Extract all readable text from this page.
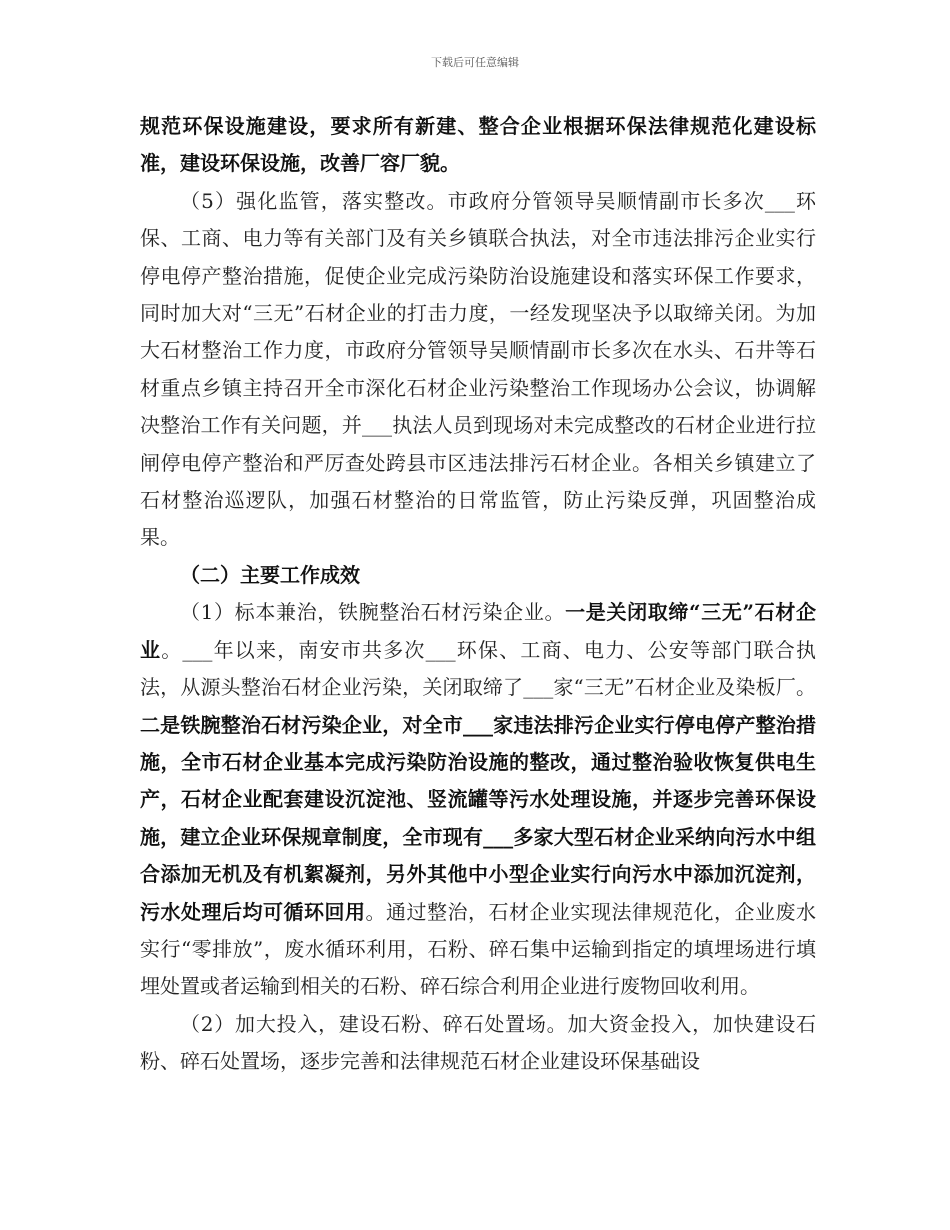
下载后可任意编辑

规范环保设施建设，要求所有新建、整合企业根据环保法律规范化建设标准，建设环保设施，改善厂容厂貌。

（5）强化监管，落实整改。市政府分管领导吴顺情副市长多次___环保、工商、电力等有关部门及有关乡镇联合执法，对全市违法排污企业实行停电停产整治措施，促使企业完成污染防治设施建设和落实环保工作要求，同时加大对“三无”石材企业的打击力度，一经发现坚决予以取缔关闭。为加大石材整治工作力度，市政府分管领导吴顺情副市长多次在水头、石井等石材重点乡镇主持召开全市深化石材企业污染整治工作现场办公会议，协调解决整治工作有关问题，并___执法人员到现场对未完成整改的石材企业进行拉闸停电停产整治和严厉查处跨县市区违法排污石材企业。各相关乡镇建立了石材整治巡逻队，加强石材整治的日常监管，防止污染反弹，巩固整治成果。

（二）主要工作成效

（1）标本兼治，铁腕整治石材污染企业。一是关闭取缔“三无”石材企业。___年以来，南安市共多次___环保、工商、电力、公安等部门联合执法，从源头整治石材企业污染，关闭取缔了___家“三无”石材企业及染板厂。二是铁腕整治石材污染企业，对全市___家违法排污企业实行停电停产整治措施，全市石材企业基本完成污染防治设施的整改，通过整治验收恢复供电生产，石材企业配套建设沉淀池、竖流罐等污水处理设施，并逐步完善环保设施，建立企业环保规章制度，全市现有___多家大型石材企业采纳向污水中组合添加无机及有机絮凝剂，另外其他中小型企业实行向污水中添加沉淀剂，污水处理后均可循环回用。通过整治，石材企业实现法律规范化，企业废水实行“零排放”，废水循环利用，石粉、碎石集中运输到指定的填埋场进行填埋处置或者运输到相关的石粉、碎石综合利用企业进行废物回收利用。

（2）加大投入，建设石粉、碎石处置场。加大资金投入，加快建设石粉、碎石处置场，逐步完善和法律规范石材企业建设环保基础设
